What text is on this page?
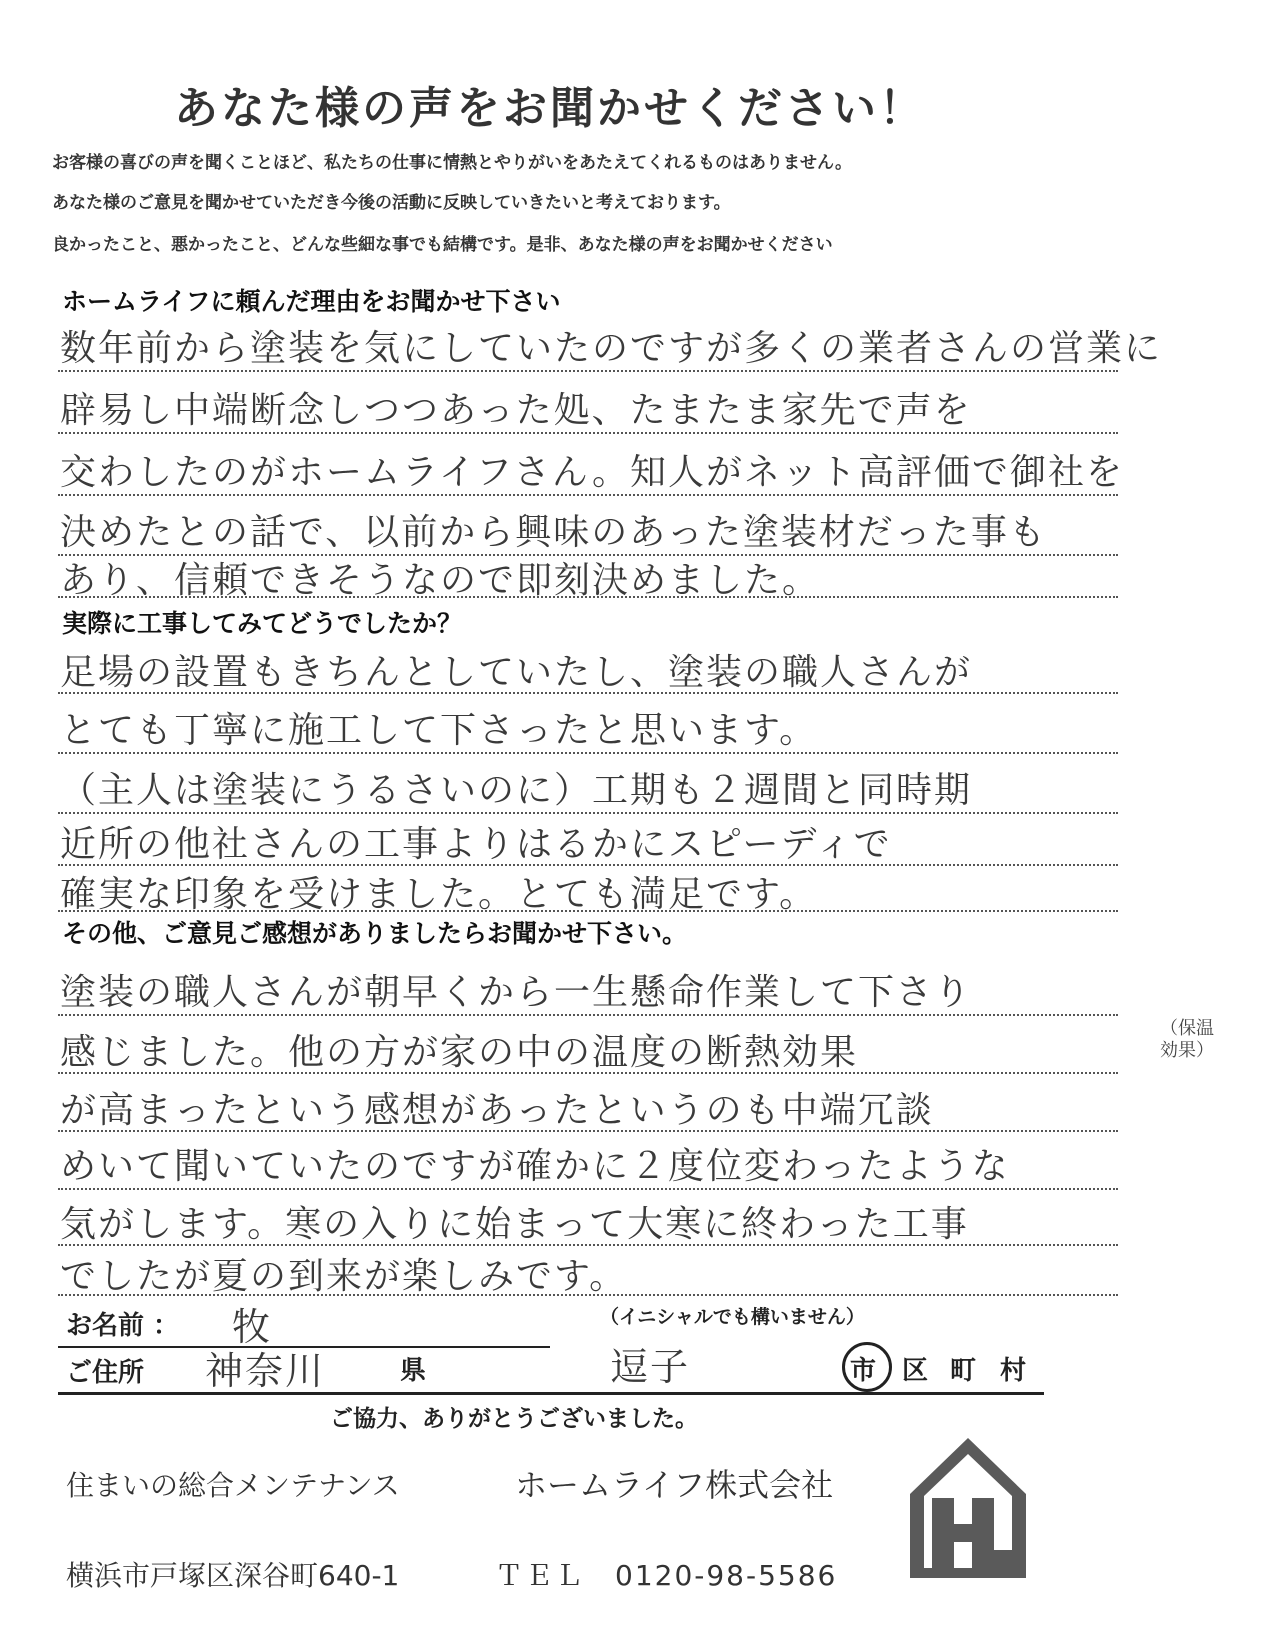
あなた様の声をお聞かせください！
お客様の喜びの声を聞くことほど、私たちの仕事に情熱とやりがいをあたえてくれるものはありません。
あなた様のご意見を聞かせていただき今後の活動に反映していきたいと考えております。
良かったこと、悪かったこと、どんな些細な事でも結構です。是非、あなた様の声をお聞かせください
ホームライフに頼んだ理由をお聞かせ下さい
数年前から塗装を気にしていたのですが多くの業者さんの営業に
辟易し中端断念しつつあった処、たまたま家先で声を
交わしたのがホームライフさん。知人がネット高評価で御社を
決めたとの話で、以前から興味のあった塗装材だった事も
あり、信頼できそうなので即刻決めました。
実際に工事してみてどうでしたか？
足場の設置もきちんとしていたし、塗装の職人さんが
とても丁寧に施工して下さったと思います。
（主人は塗装にうるさいのに）工期も２週間と同時期
近所の他社さんの工事よりはるかにスピーディで
確実な印象を受けました。とても満足です。
その他、ご意見ご感想がありましたらお聞かせ下さい。
塗装の職人さんが朝早くから一生懸命作業して下さり
感じました。他の方が家の中の温度の断熱効果
（保温
効果）
が高まったという感想があったというのも中端冗談
めいて聞いていたのですが確かに２度位変わったような
気がします。寒の入りに始まって大寒に終わった工事
でしたが夏の到来が楽しみです。
お名前 ： 牧	（イニシャルでも構いません）
ご住所 神奈川	県	逗子	市 区 町 村
ご協力、ありがとうございました。
住まいの総合メンテナンス	ホームライフ株式会社
横浜市戸塚区深谷町640-1	ＴＥＬ　0120-98-5586
